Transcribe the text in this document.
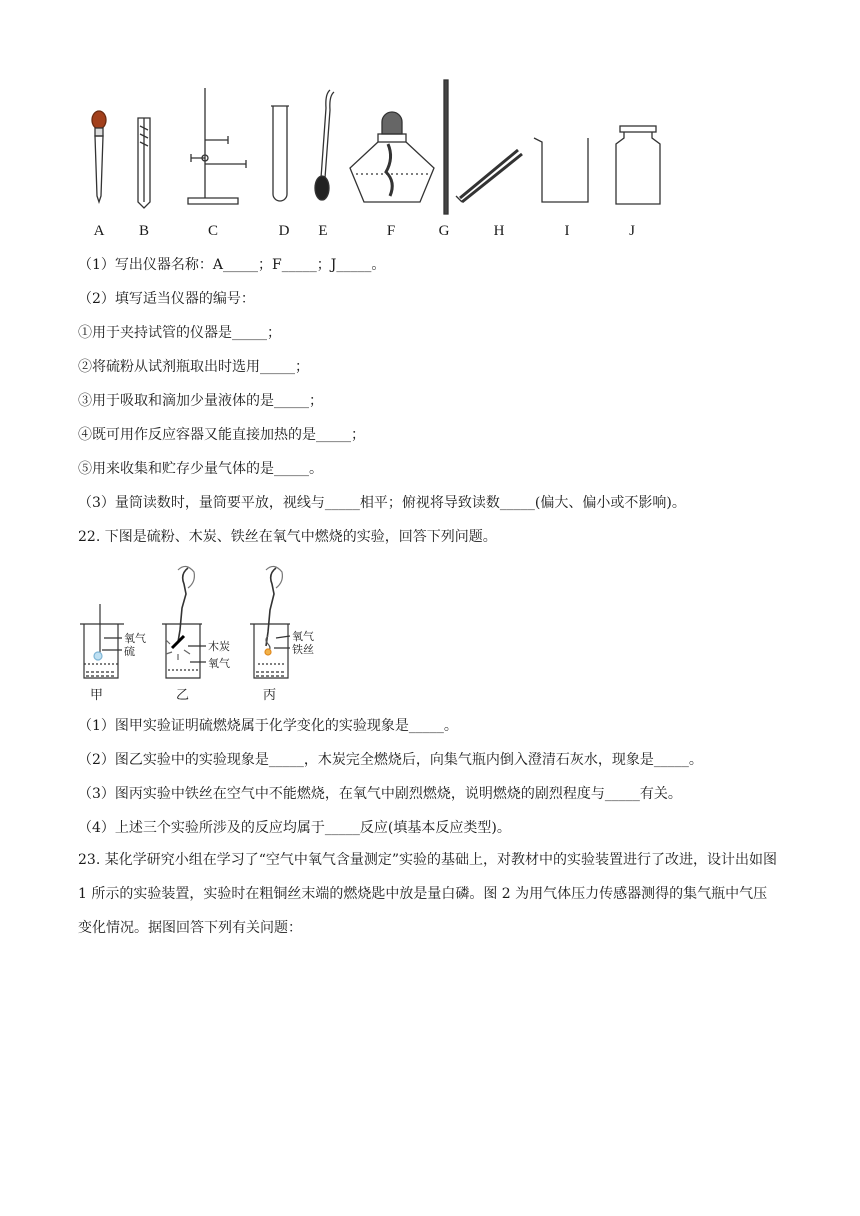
A	B	C	D	E	F	G	H	I	J
（1）写出仪器名称：A_____；F_____；J_____。
（2）填写适当仪器的编号：
①用于夹持试管的仪器是_____；
②将硫粉从试剂瓶取出时选用_____；
③用于吸取和滴加少量液体的是_____；
④既可用作反应容器又能直接加热的是_____；
⑤用来收集和贮存少量气体的是_____。
（3）量筒读数时，量筒要平放，视线与_____相平；俯视将导致读数_____(偏大、偏小或不影响)。
22. 下图是硫粉、木炭、铁丝在氧气中燃烧的实验，回答下列问题。
氧气
硫	木炭
氧气
氧气
铁丝
甲	乙	丙
（1）图甲实验证明硫燃烧属于化学变化的实验现象是_____。
（2）图乙实验中的实验现象是_____，木炭完全燃烧后，向集气瓶内倒入澄清石灰水，现象是_____。
（3）图丙实验中铁丝在空气中不能燃烧，在氧气中剧烈燃烧，说明燃烧的剧烈程度与_____有关。
（4）上述三个实验所涉及的反应均属于_____反应(填基本反应类型)。
23. 某化学研究小组在学习了“空气中氧气含量测定”实验的基础上，对教材中的实验装置进行了改进，设计出如图 1 所示的实验装置，实验时在粗铜丝末端的燃烧匙中放是量白磷。图 2 为用气体压力传感器测得的集气瓶中气压变化情况。据图回答下列有关问题：
